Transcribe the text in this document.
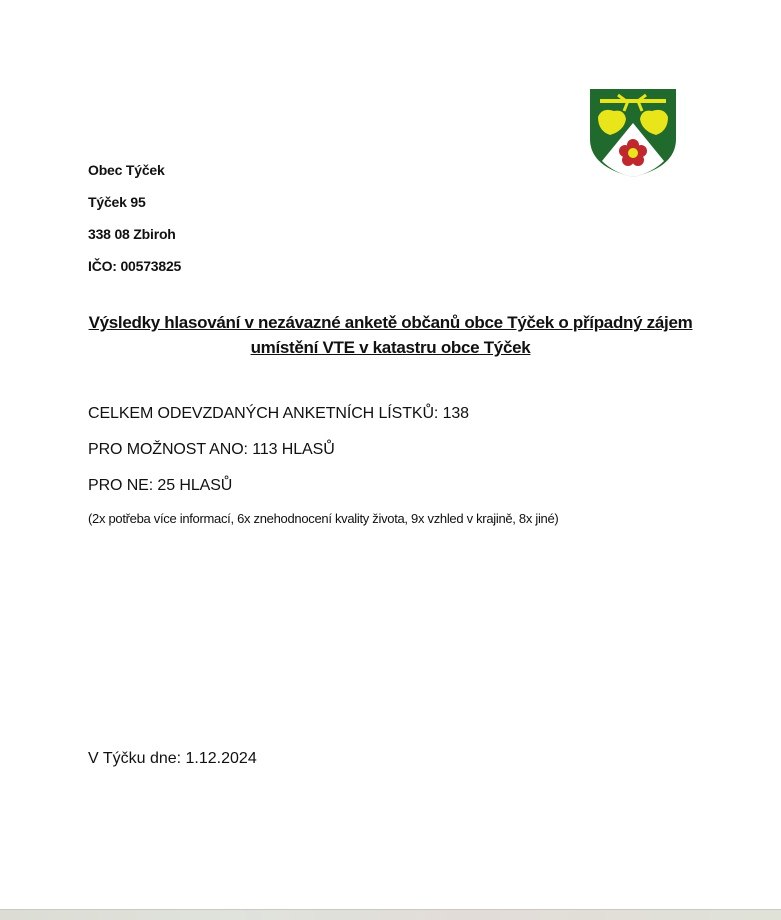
Obec Týček
Týček 95
338 08 Zbiroh
IČO: 00573825
Výsledky hlasování v nezávazné anketě občanů obce Týček o případný zájem
umístění VTE v katastru obce Týček
CELKEM ODEVZDANÝCH ANKETNÍCH LÍSTKŮ: 138
PRO MOŽNOST ANO: 113 HLASŮ
PRO NE: 25 HLASŮ
(2x potřeba více informací, 6x znehodnocení kvality života, 9x vzhled v krajině, 8x jiné)
V Týčku dne: 1.12.2024
